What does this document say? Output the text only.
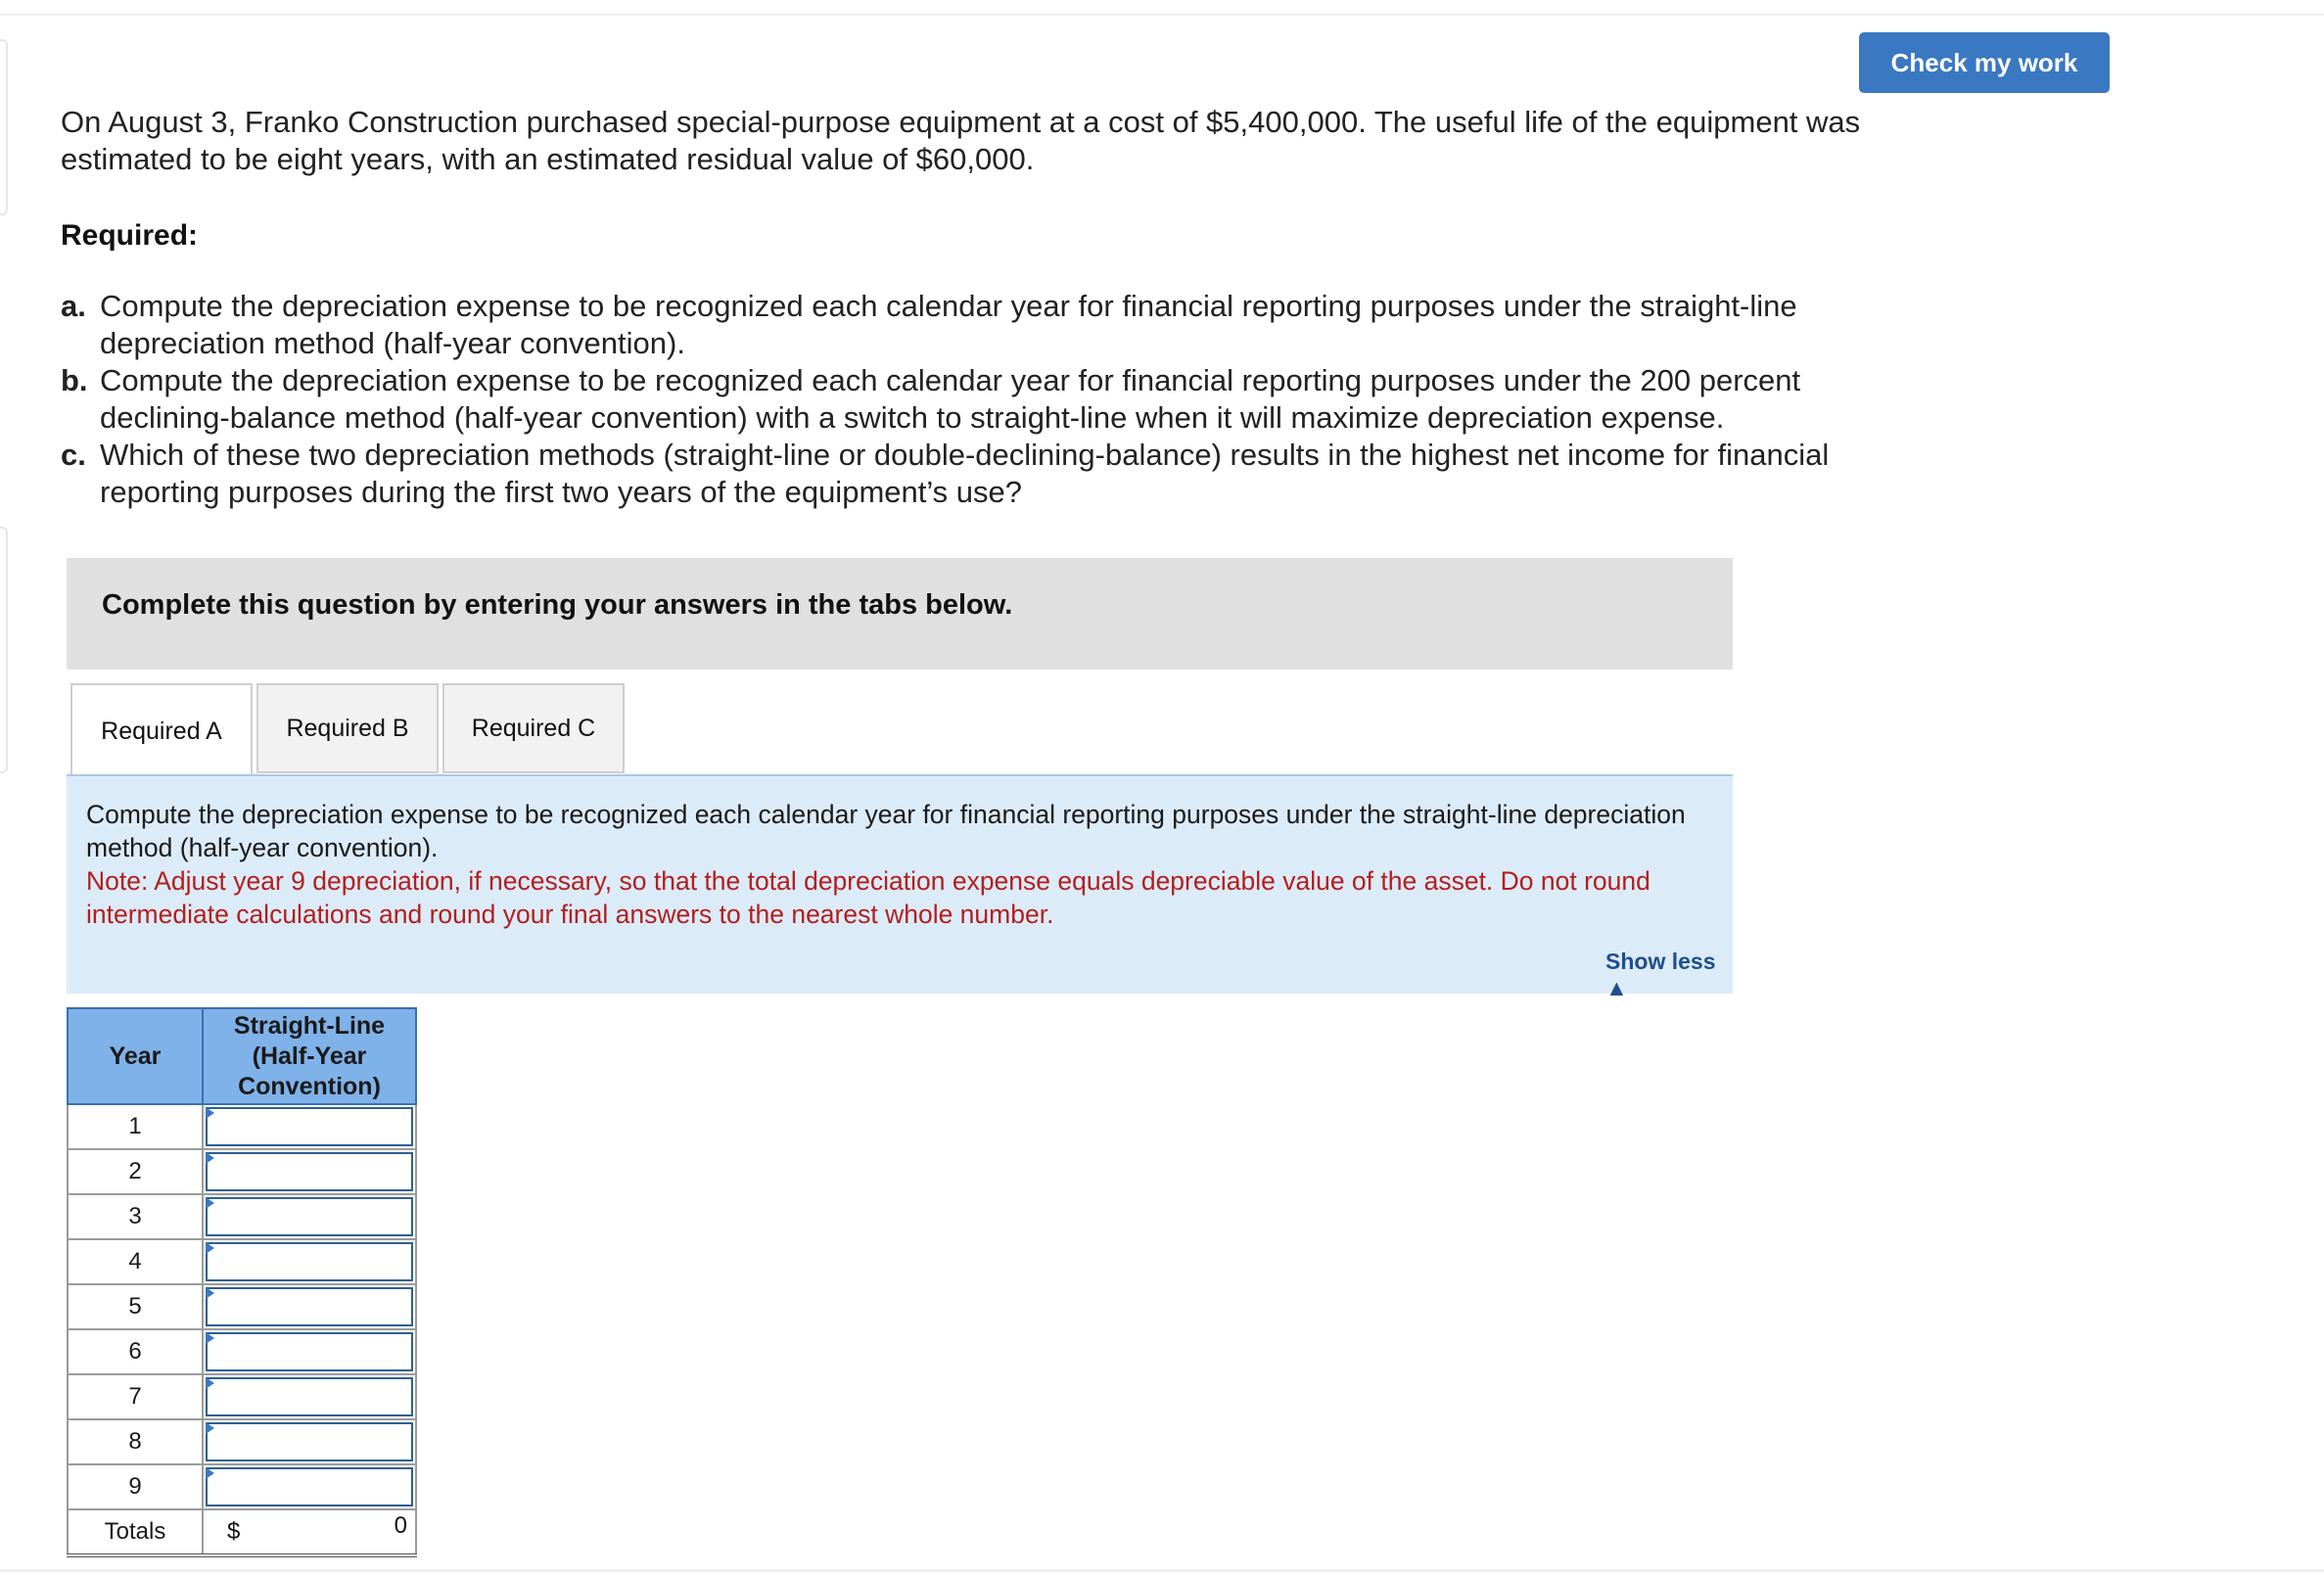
Check my work

On August 3, Franko Construction purchased special-purpose equipment at a cost of $5,400,000. The useful life of the equipment was estimated to be eight years, with an estimated residual value of $60,000.

Required:

a. Compute the depreciation expense to be recognized each calendar year for financial reporting purposes under the straight-line depreciation method (half-year convention).
b. Compute the depreciation expense to be recognized each calendar year for financial reporting purposes under the 200 percent declining-balance method (half-year convention) with a switch to straight-line when it will maximize depreciation expense.
c. Which of these two depreciation methods (straight-line or double-declining-balance) results in the highest net income for financial reporting purposes during the first two years of the equipment’s use?
Complete this question by entering your answers in the tabs below.
Required A	Required B	Required C

Compute the depreciation expense to be recognized each calendar year for financial reporting purposes under the straight-line depreciation method (half-year convention).

Note: Adjust year 9 depreciation, if necessary, so that the total depreciation expense equals depreciable value of the asset. Do not round intermediate calculations and round your final answers to the nearest whole number.

Show less ▲
Year	Straight-Line
(Half-Year
Convention)

1	

2	

3	

4	

5	

6	

7	

8	

9	

Totals	$ 0
